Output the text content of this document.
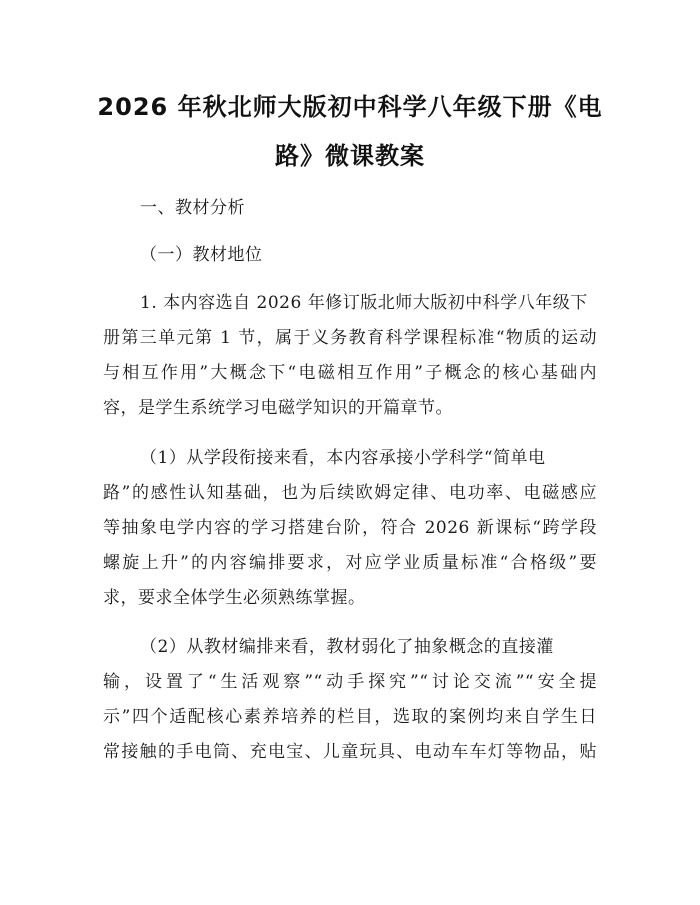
2026 年秋北师大版初中科学八年级下册《电
路》微课教案
一、教材分析
（一）教材地位
1. 本内容选自 2026 年修订版北师大版初中科学八年级下
册第三单元第 1 节，属于义务教育科学课程标准“物质的运动
与相互作用”大概念下“电磁相互作用”子概念的核心基础内
容，是学生系统学习电磁学知识的开篇章节。
（1）从学段衔接来看，本内容承接小学科学“简单电
路”的感性认知基础，也为后续欧姆定律、电功率、电磁感应
等抽象电学内容的学习搭建台阶，符合 2026 新课标“跨学段
螺旋上升”的内容编排要求，对应学业质量标准“合格级”要
求，要求全体学生必须熟练掌握。
（2）从教材编排来看，教材弱化了抽象概念的直接灌
输，设置了“生活观察”“动手探究”“讨论交流”“安全提
示”四个适配核心素养培养的栏目，选取的案例均来自学生日
常接触的手电筒、充电宝、儿童玩具、电动车车灯等物品，贴
